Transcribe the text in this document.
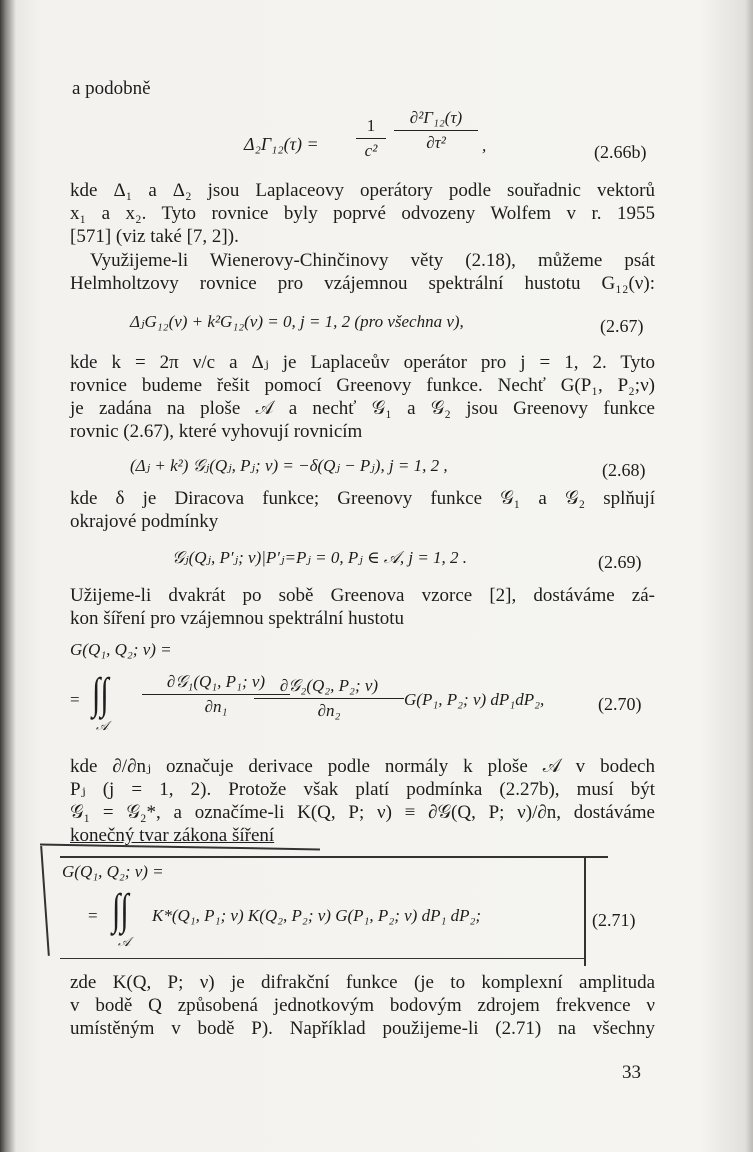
a podobně
Δ₂Γ₁₂(τ) =
1
c²
∂²Γ₁₂(τ)
∂τ²	,	(2.66b)
kde Δ₁ a Δ₂ jsou Laplaceovy operátory podle souřadnic vektorů
x₁ a x₂. Tyto rovnice byly poprvé odvozeny Wolfem v r. 1955
[571] (viz také [7, 2]).
Využijeme-li Wienerovy-Chinčinovy věty (2.18), můžeme psát
Helmholtzovy rovnice pro vzájemnou spektrální hustotu G₁₂(ν):
ΔⱼG₁₂(ν) + k²G₁₂(ν) = 0, j = 1, 2 (pro všechna ν),	(2.67)
kde k = 2π ν/c a Δⱼ je Laplaceův operátor pro j = 1, 2. Tyto
rovnice budeme řešit pomocí Greenovy funkce. Nechť G(P₁, P₂;ν)
je zadána na ploše 𝒜 a nechť 𝒢₁ a 𝒢₂ jsou Greenovy funkce
rovnic (2.67), které vyhovují rovnicím
(Δⱼ + k²) 𝒢ⱼ(Qⱼ, Pⱼ; ν) = −δ(Qⱼ − Pⱼ), j = 1, 2 ,	(2.68)
kde δ je Diracova funkce; Greenovy funkce 𝒢₁ a 𝒢₂ splňují
okrajové podmínky
𝒢ⱼ(Qⱼ, P′ⱼ; ν)|P′ⱼ=Pⱼ = 0, Pⱼ ∈ 𝒜, j = 1, 2 .	(2.69)
Užijeme-li dvakrát po sobě Greenova vzorce [2], dostáváme zá-
kon šíření pro vzájemnou spektrální hustotu
G(Q₁, Q₂; ν) =
= ∫∫
𝒜
∂𝒢₁(Q₁, P₁; ν)
∂n₁
∂𝒢₂(Q₂, P₂; ν)
∂n₂
G(P₁, P₂; ν) dP₁dP₂,	(2.70)
kde ∂/∂nⱼ označuje derivace podle normály k ploše 𝒜 v bodech
Pⱼ (j = 1, 2). Protože však platí podmínka (2.27b), musí být
𝒢₁ = 𝒢₂*, a označíme-li K(Q, P; ν) ≡ ∂𝒢(Q, P; ν)/∂n, dostáváme
konečný tvar zákona šíření
G(Q₁, Q₂; ν) =
= ∫∫
𝒜
K*(Q₁, P₁; ν) K(Q₂, P₂; ν) G(P₁, P₂; ν) dP₁ dP₂;	(2.71)
zde K(Q, P; ν) je difrakční funkce (je to komplexní amplituda
v bodě Q způsobená jednotkovým bodovým zdrojem frekvence ν
umístěným v bodě P). Například použijeme-li (2.71) na všechny
33
